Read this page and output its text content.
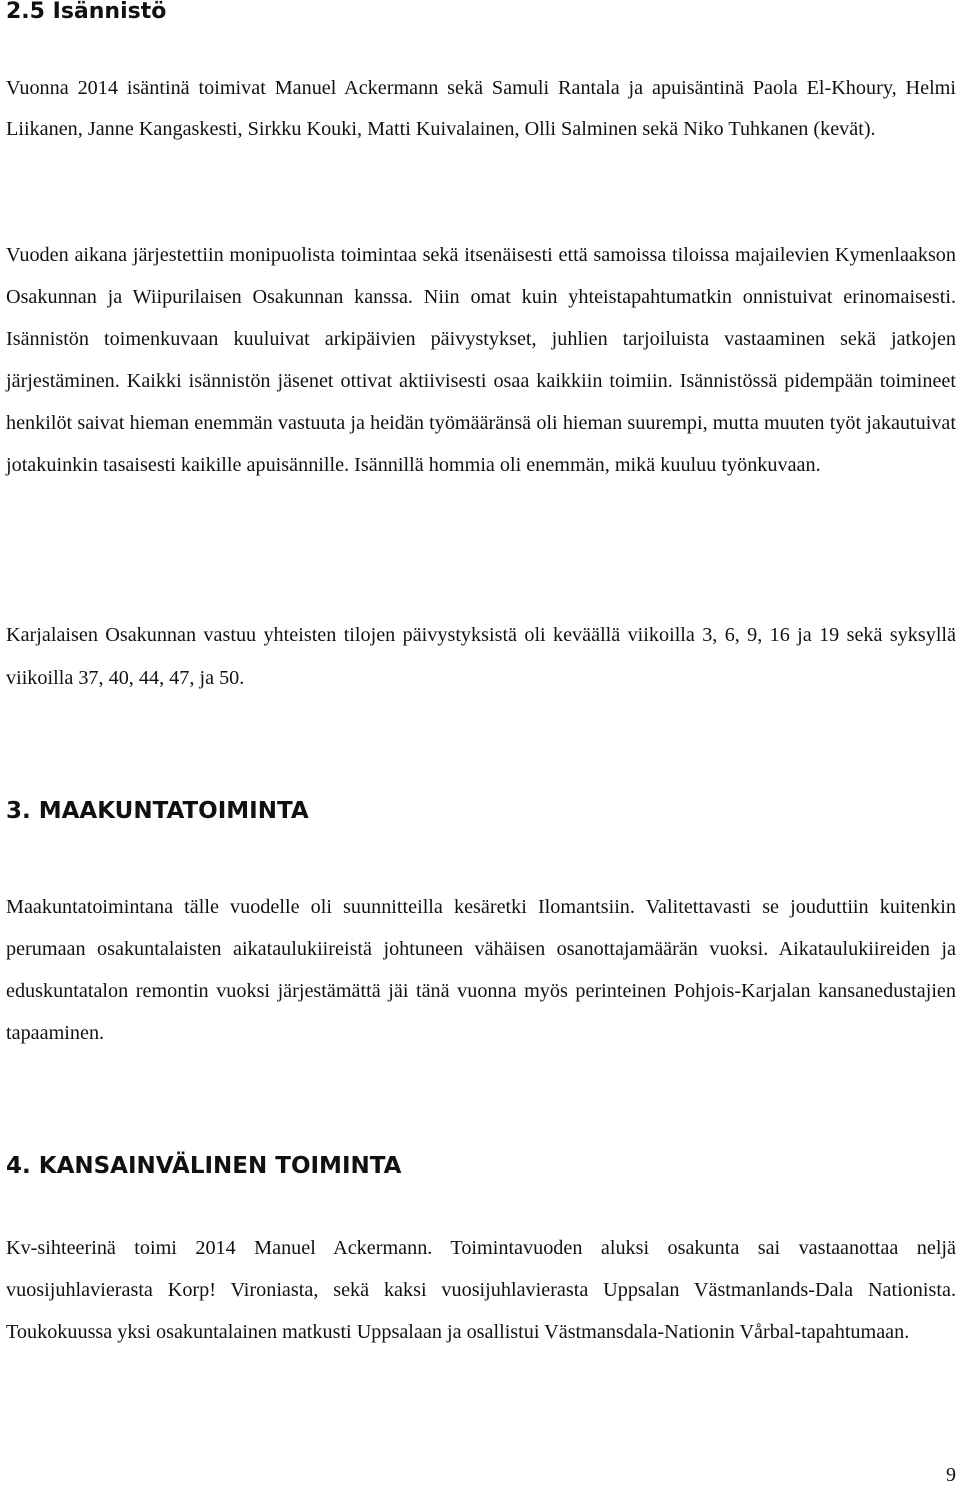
2.5 Isännistö

Vuonna 2014 isäntinä toimivat Manuel Ackermann sekä Samuli Rantala ja apuisäntinä Paola El-Khoury, Helmi Liikanen, Janne Kangaskesti, Sirkku Kouki, Matti Kuivalainen, Olli Salminen sekä Niko Tuhkanen (kevät).

Vuoden aikana järjestettiin monipuolista toimintaa sekä itsenäisesti että samoissa tiloissa majailevien Kymenlaakson Osakunnan ja Wiipurilaisen Osakunnan kanssa. Niin omat kuin yhteistapahtumatkin onnistuivat erinomaisesti. Isännistön toimenkuvaan kuuluivat arkipäivien päivystykset, juhlien tarjoiluista vastaaminen sekä jatkojen järjestäminen. Kaikki isännistön jäsenet ottivat aktiivisesti osaa kaikkiin toimiin. Isännistössä pidempään toimineet henkilöt saivat hieman enemmän vastuuta ja heidän työmääränsä oli hieman suurempi, mutta muuten työt jakautuivat jotakuinkin tasaisesti kaikille apuisännille. Isännillä hommia oli enemmän, mikä kuuluu työnkuvaan.

Karjalaisen Osakunnan vastuu yhteisten tilojen päivystyksistä oli keväällä viikoilla 3, 6, 9, 16 ja 19 sekä syksyllä viikoilla 37, 40, 44, 47, ja 50.

3. MAAKUNTATOIMINTA

Maakuntatoimintana tälle vuodelle oli suunnitteilla kesäretki Ilomantsiin. Valitettavasti se jouduttiin kuitenkin perumaan osakuntalaisten aikataulukiireistä johtuneen vähäisen osanottajamäärän vuoksi. Aikataulukiireiden ja eduskuntatalon remontin vuoksi järjestämättä jäi tänä vuonna myös perinteinen Pohjois-Karjalan kansanedustajien tapaaminen.

4. KANSAINVÄLINEN TOIMINTA

Kv-sihteerinä toimi 2014 Manuel Ackermann. Toimintavuoden aluksi osakunta sai vastaanottaa neljä vuosijuhlavierasta Korp! Vironiasta, sekä kaksi vuosijuhlavierasta Uppsalan Västmanlands-Dala Nationista. Toukokuussa yksi osakuntalainen matkusti Uppsalaan ja osallistui Västmansdala-Nationin Vårbal-tapahtumaan.

9
